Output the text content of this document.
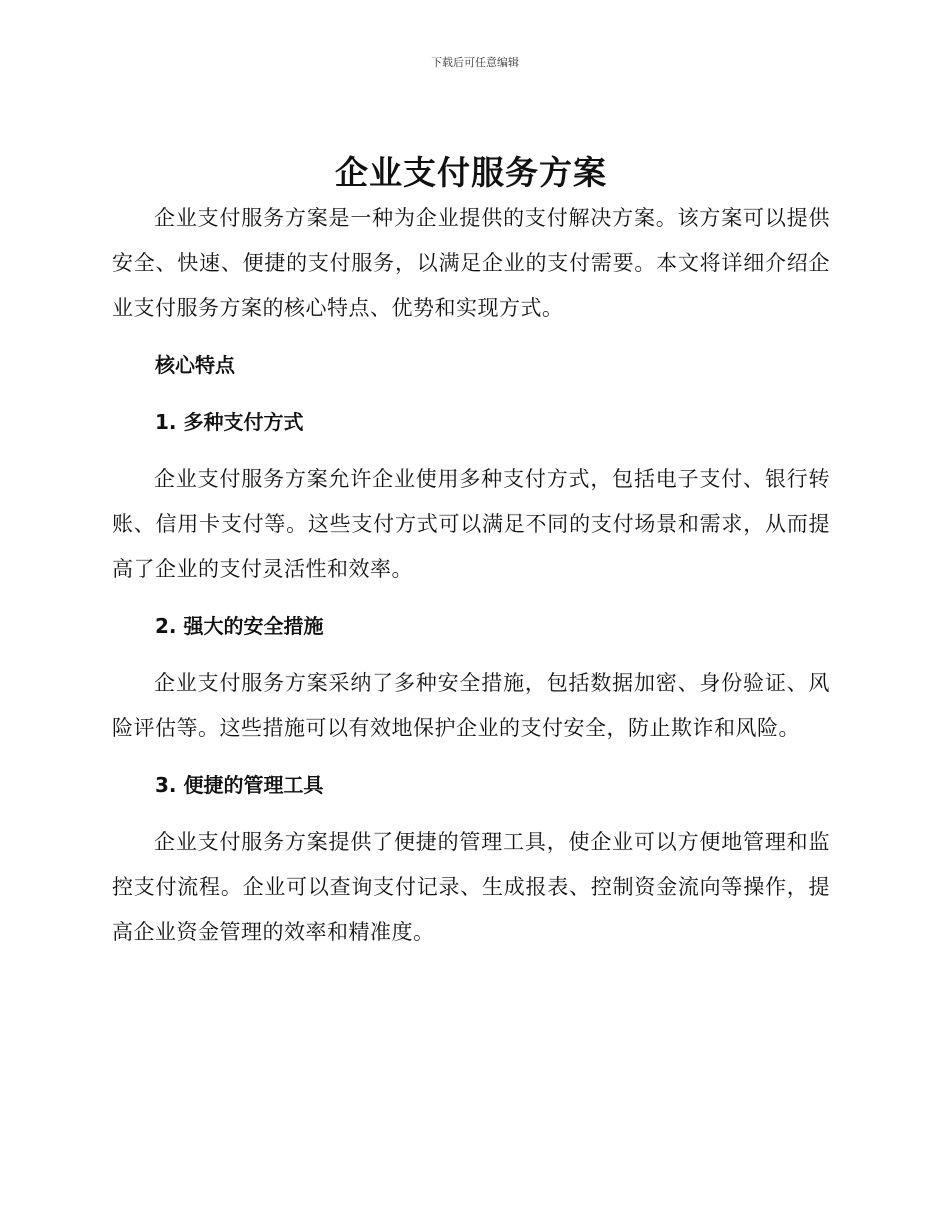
下载后可任意编辑
企业支付服务方案

企业支付服务方案是一种为企业提供的支付解决方案。该方案可以提供安全、快速、便捷的支付服务，以满足企业的支付需要。本文将详细介绍企业支付服务方案的核心特点、优势和实现方式。

核心特点

1. 多种支付方式

企业支付服务方案允许企业使用多种支付方式，包括电子支付、银行转账、信用卡支付等。这些支付方式可以满足不同的支付场景和需求，从而提高了企业的支付灵活性和效率。

2. 强大的安全措施

企业支付服务方案采纳了多种安全措施，包括数据加密、身份验证、风险评估等。这些措施可以有效地保护企业的支付安全，防止欺诈和风险。

3. 便捷的管理工具

企业支付服务方案提供了便捷的管理工具，使企业可以方便地管理和监控支付流程。企业可以查询支付记录、生成报表、控制资金流向等操作，提高企业资金管理的效率和精准度。
